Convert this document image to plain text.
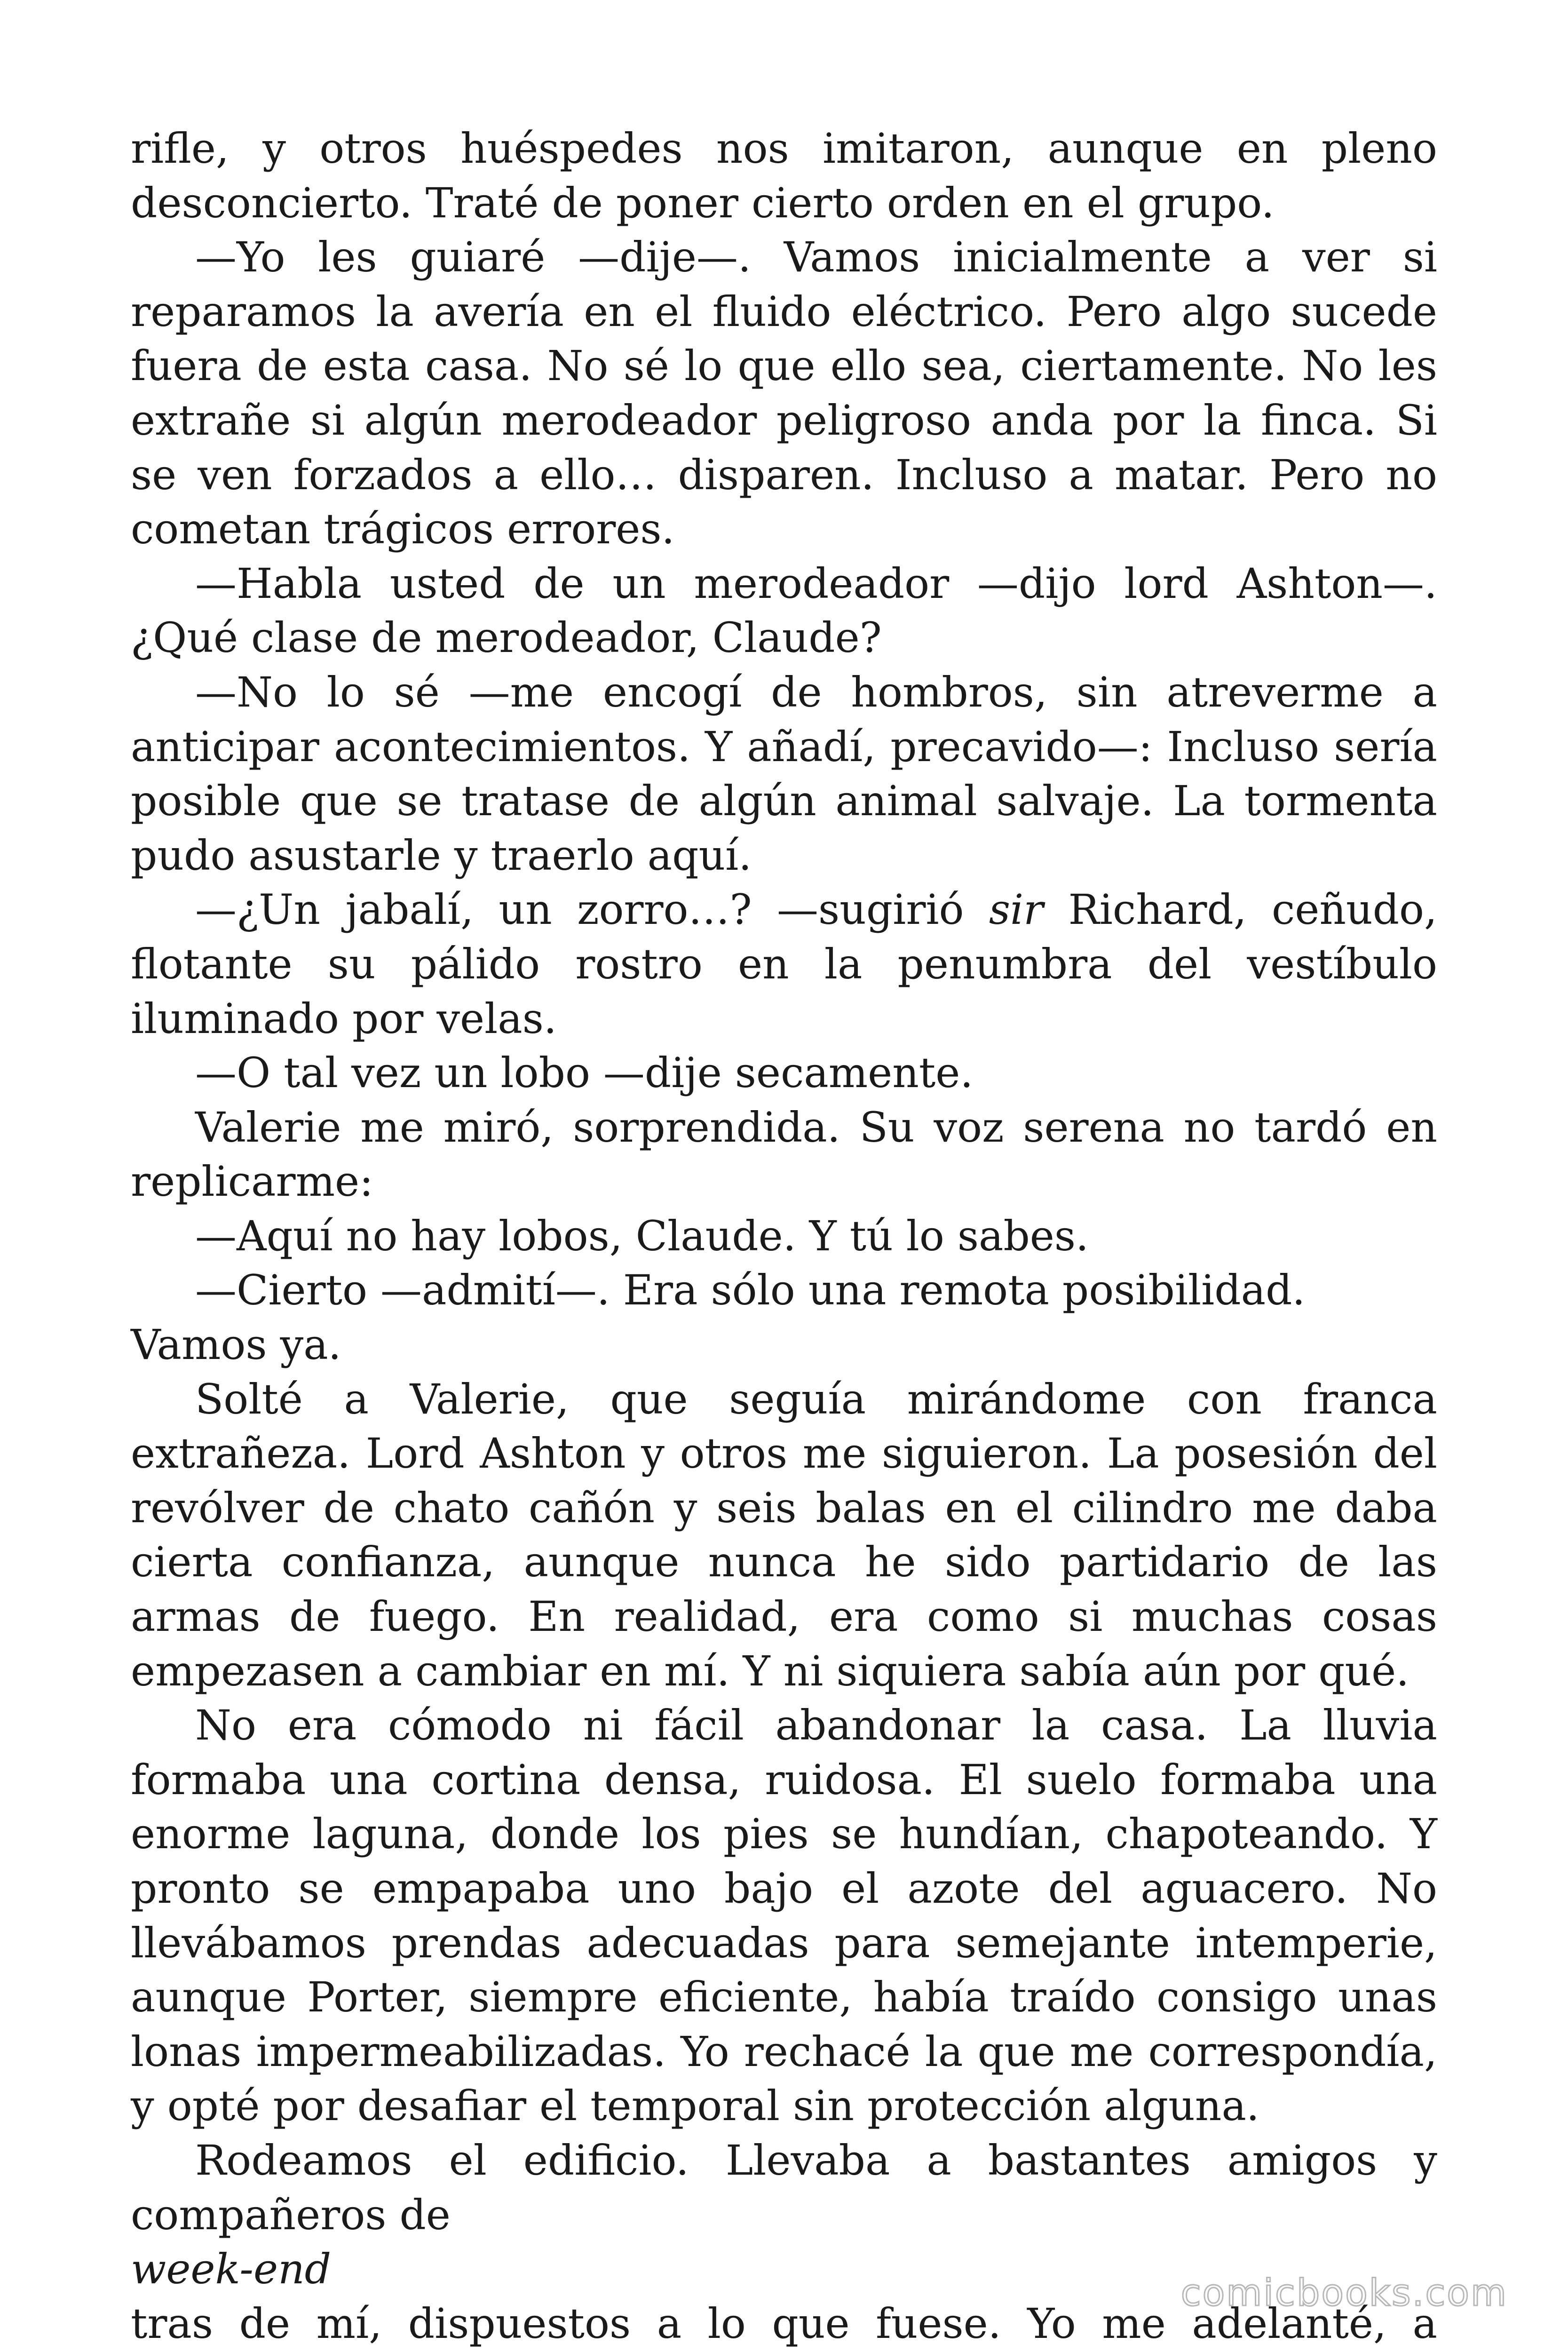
rifle, y otros huéspedes nos imitaron, aunque en pleno desconcierto. Traté de poner cierto orden en el grupo.

—Yo les guiaré —dije—. Vamos inicialmente a ver si reparamos la avería en el fluido eléctrico. Pero algo sucede fuera de esta casa. No sé lo que ello sea, ciertamente. No les extrañe si algún merodeador peligroso anda por la finca. Si se ven forzados a ello… disparen. Incluso a matar. Pero no cometan trágicos errores.

—Habla usted de un merodeador —dijo lord Ashton—. ¿Qué clase de merodeador, Claude?

—No lo sé —me encogí de hombros, sin atreverme a anticipar acontecimientos. Y añadí, precavido—: Incluso sería posible que se tratase de algún animal salvaje. La tormenta pudo asustarle y traerlo aquí.

—¿Un jabalí, un zorro…? —sugirió sir Richard, ceñudo, flotante su pálido rostro en la penumbra del vestíbulo iluminado por velas.

—O tal vez un lobo —dije secamente.

Valerie me miró, sorprendida. Su voz serena no tardó en replicarme:

—Aquí no hay lobos, Claude. Y tú lo sabes.

—Cierto —admití—. Era sólo una remota posibilidad. Vamos ya.

Solté a Valerie, que seguía mirándome con franca extrañeza. Lord Ashton y otros me siguieron. La posesión del revólver de chato cañón y seis balas en el cilindro me daba cierta confianza, aunque nunca he sido partidario de las armas de fuego. En realidad, era como si muchas cosas empezasen a cambiar en mí. Y ni siquiera sabía aún por qué.

No era cómodo ni fácil abandonar la casa. La lluvia formaba una cortina densa, ruidosa. El suelo formaba una enorme laguna, donde los pies se hundían, chapoteando. Y pronto se empapaba uno bajo el azote del aguacero. No llevábamos prendas adecuadas para semejante intemperie, aunque Porter, siempre eficiente, había traído consigo unas lonas impermeabilizadas. Yo rechacé la que me correspondía, y opté por desafiar el temporal sin protección alguna.

Rodeamos el edificio. Llevaba a bastantes amigos y compañeros de

week-end

tras de mí, dispuestos a lo que fuese. Yo me adelanté, a

comicbooks.com
